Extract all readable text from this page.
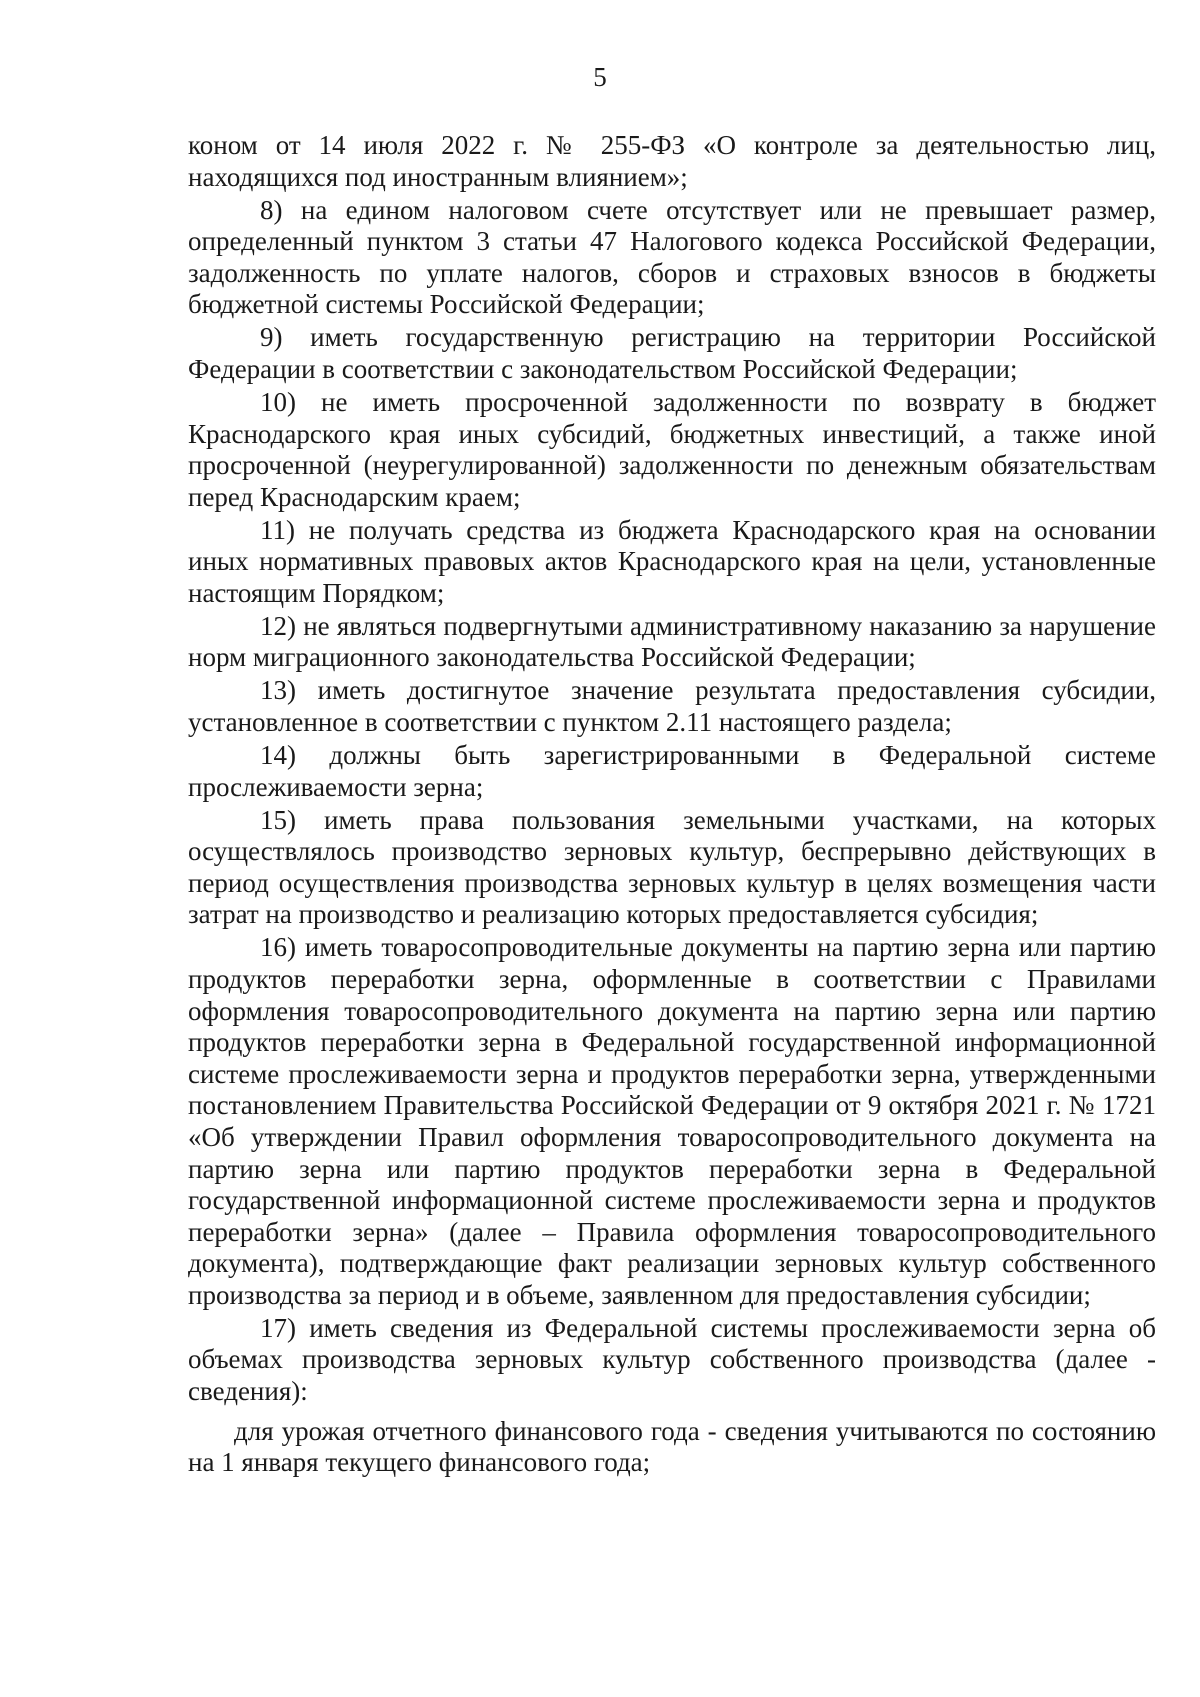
5

коном от 14 июля 2022 г. № 255-ФЗ «О контроле за деятельностью лиц, находящихся под иностранным влиянием»;

8) на едином налоговом счете отсутствует или не превышает размер, определенный пунктом 3 статьи 47 Налогового кодекса Российской Федерации, задолженность по уплате налогов, сборов и страховых взносов в бюджеты бюджетной системы Российской Федерации;

9) иметь государственную регистрацию на территории Российской Федерации в соответствии с законодательством Российской Федерации;

10) не иметь просроченной задолженности по возврату в бюджет Краснодарского края иных субсидий, бюджетных инвестиций, а также иной просроченной (неурегулированной) задолженности по денежным обязательствам перед Краснодарским краем;

11) не получать средства из бюджета Краснодарского края на основании иных нормативных правовых актов Краснодарского края на цели, установленные настоящим Порядком;

12) не являться подвергнутыми административному наказанию за нарушение норм миграционного законодательства Российской Федерации;

13) иметь достигнутое значение результата предоставления субсидии, установленное в соответствии с пунктом 2.11 настоящего раздела;

14) должны быть зарегистрированными в Федеральной системе прослеживаемости зерна;

15) иметь права пользования земельными участками, на которых осуществлялось производство зерновых культур, беспрерывно действующих в период осуществления производства зерновых культур в целях возмещения части затрат на производство и реализацию которых предоставляется субсидия;

16) иметь товаросопроводительные документы на партию зерна или партию продуктов переработки зерна, оформленные в соответствии с Правилами оформления товаросопроводительного документа на партию зерна или партию продуктов переработки зерна в Федеральной государственной информационной системе прослеживаемости зерна и продуктов переработки зерна, утвержденными постановлением Правительства Российской Федерации от 9 октября 2021 г. № 1721 «Об утверждении Правил оформления товаросопроводительного документа на партию зерна или партию продуктов переработки зерна в Федеральной государственной информационной системе прослеживаемости зерна и продуктов переработки зерна» (далее – Правила оформления товаросопроводительного документа), подтверждающие факт реализации зерновых культур собственного производства за период и в объеме, заявленном для предоставления субсидии;

17) иметь сведения из Федеральной системы прослеживаемости зерна об объемах производства зерновых культур собственного производства (далее - сведения):

для урожая отчетного финансового года - сведения учитываются по состоянию на 1 января текущего финансового года;
